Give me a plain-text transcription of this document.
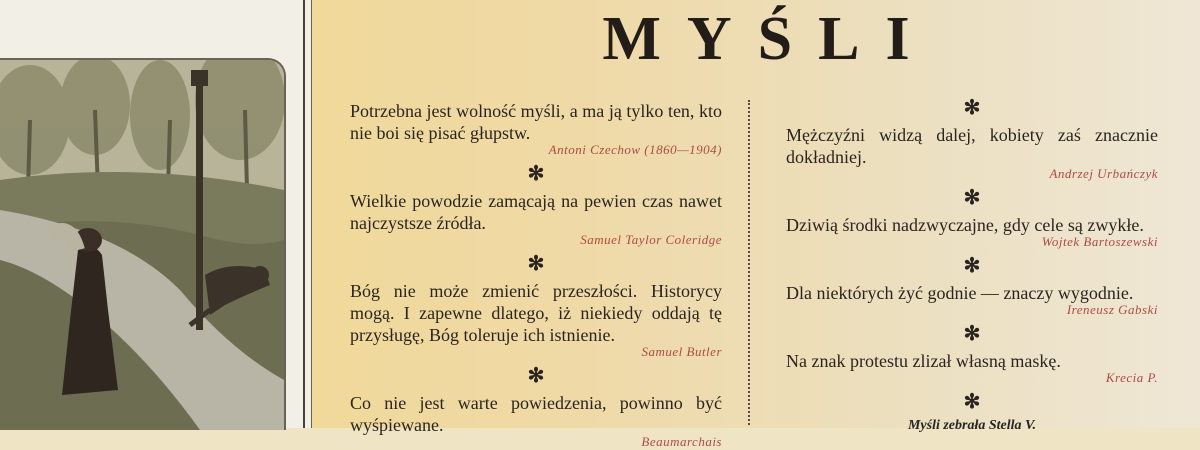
MYŚLI
Potrzebna jest wolność myśli, a ma ją tylko ten, kto nie boi się pisać głupstw.
Antoni Czechow (1860—1904)
✻
Wielkie powodzie zamącają na pewien czas nawet najczystsze źródła.
Samuel Taylor Coleridge
✻
Bóg nie może zmienić przeszłości. Historycy mogą. I zapewne dlatego, iż niekiedy oddają tę przysługę, Bóg toleruje ich istnienie.
Samuel Butler
✻
Co nie jest warte powiedzenia, powinno być wyśpiewane.
Beaumarchais
✻
Mężczyźni widzą dalej, kobiety zaś znacznie dokładniej.
Andrzej Urbańczyk
✻
Dziwią środki nadzwyczajne, gdy cele są zwykłe.
Wojtek Bartoszewski
✻
Dla niektórych żyć godnie — znaczy wygodnie.
Ireneusz Gabski
✻
Na znak protestu zlizał własną maskę.
Krecia P.
✻
Myśli zebrała Stella V.
